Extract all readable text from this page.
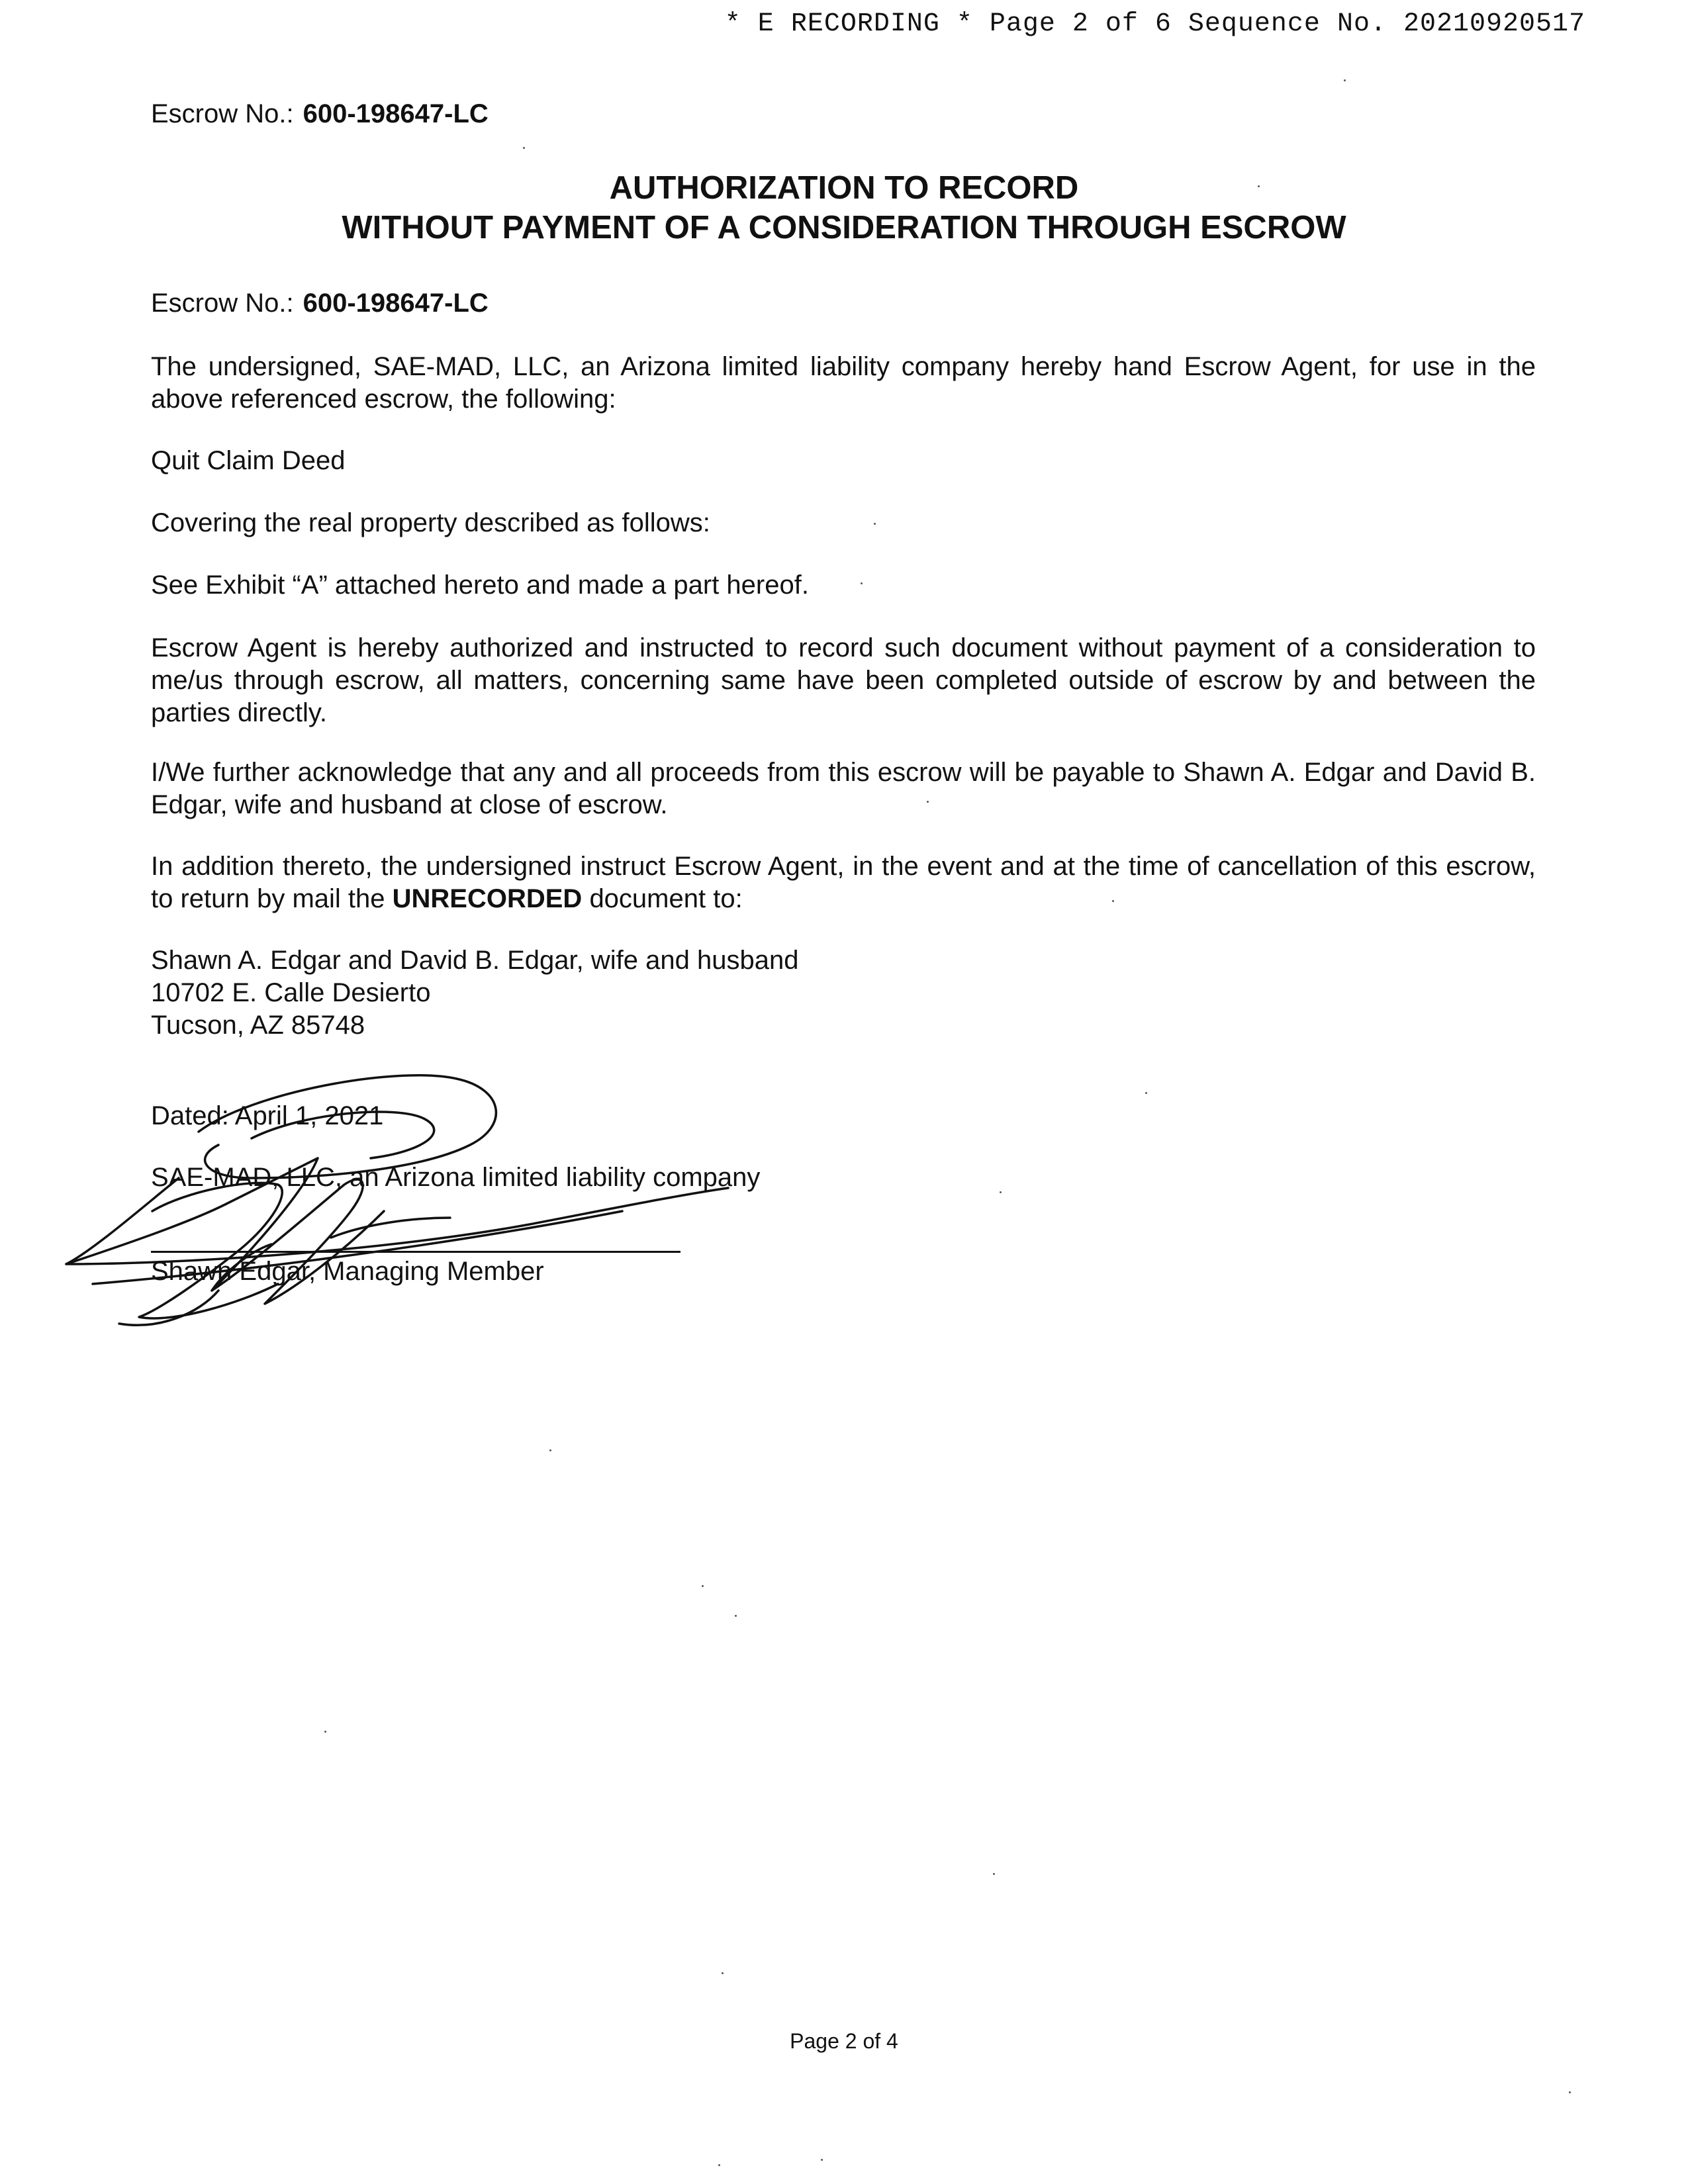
* E RECORDING * Page 2 of 6 Sequence No. 20210920517
Escrow No.: 600-198647-LC
AUTHORIZATION TO RECORD
WITHOUT PAYMENT OF A CONSIDERATION THROUGH ESCROW
Escrow No.: 600-198647-LC
The undersigned, SAE-MAD, LLC, an Arizona limited liability company hereby hand Escrow Agent, for use in the above referenced escrow, the following:
Quit Claim Deed
Covering the real property described as follows:
See Exhibit “A” attached hereto and made a part hereof.
Escrow Agent is hereby authorized and instructed to record such document without payment of a consideration to me/us through escrow, all matters, concerning same have been completed outside of escrow by and between the parties directly.
I/We further acknowledge that any and all proceeds from this escrow will be payable to Shawn A. Edgar and David B. Edgar, wife and husband at close of escrow.
In addition thereto, the undersigned instruct Escrow Agent, in the event and at the time of cancellation of this escrow, to return by mail the UNRECORDED document to:
Shawn A. Edgar and David B. Edgar, wife and husband
10702 E. Calle Desierto
Tucson, AZ 85748
Dated: April 1, 2021
SAE-MAD, LLC, an Arizona limited liability company
Shawn Edgar, Managing Member
Page 2 of 4
